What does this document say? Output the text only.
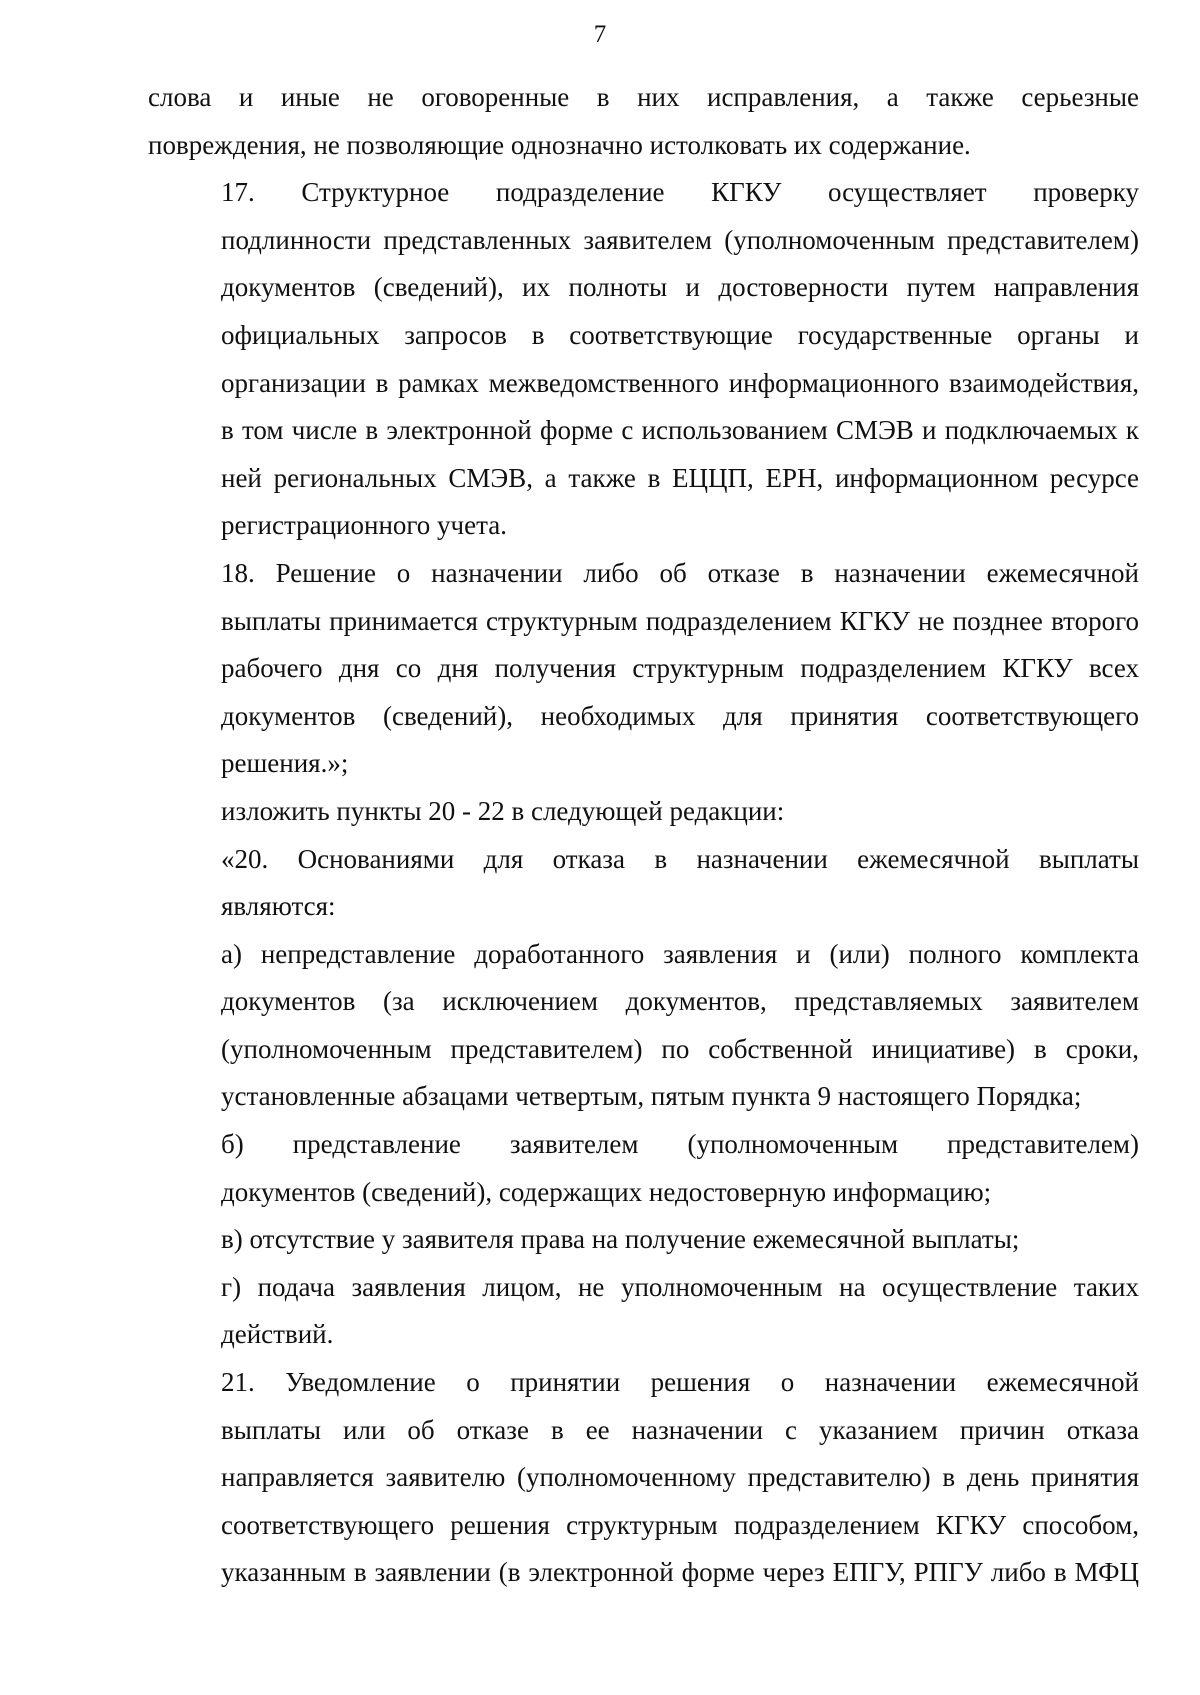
7
слова и иные не оговоренные в них исправления, а также серьезные
повреждения, не позволяющие однозначно истолковать их содержание.
17. Структурное подразделение КГКУ осуществляет проверку
подлинности представленных заявителем (уполномоченным представителем)
документов (сведений), их полноты и достоверности путем направления
официальных запросов в соответствующие государственные органы и
организации в рамках межведомственного информационного взаимодействия,
в том числе в электронной форме с использованием СМЭВ и подключаемых к
ней региональных СМЭВ, а также в ЕЦЦП, ЕРН, информационном ресурсе
регистрационного учета.
18. Решение о назначении либо об отказе в назначении ежемесячной
выплаты принимается структурным подразделением КГКУ не позднее второго
рабочего дня со дня получения структурным подразделением КГКУ всех
документов (сведений), необходимых для принятия соответствующего
решения.»;
изложить пункты 20 - 22 в следующей редакции:
«20. Основаниями для отказа в назначении ежемесячной выплаты
являются:
а) непредставление доработанного заявления и (или) полного комплекта
документов (за исключением документов, представляемых заявителем
(уполномоченным представителем) по собственной инициативе) в сроки,
установленные абзацами четвертым, пятым пункта 9 настоящего Порядка;
б) представление заявителем (уполномоченным представителем)
документов (сведений), содержащих недостоверную информацию;
в) отсутствие у заявителя права на получение ежемесячной выплаты;
г) подача заявления лицом, не уполномоченным на осуществление таких
действий.
21. Уведомление о принятии решения о назначении ежемесячной
выплаты или об отказе в ее назначении с указанием причин отказа
направляется заявителю (уполномоченному представителю) в день принятия
соответствующего решения структурным подразделением КГКУ способом,
указанным в заявлении (в электронной форме через ЕПГУ, РПГУ либо в МФЦ
